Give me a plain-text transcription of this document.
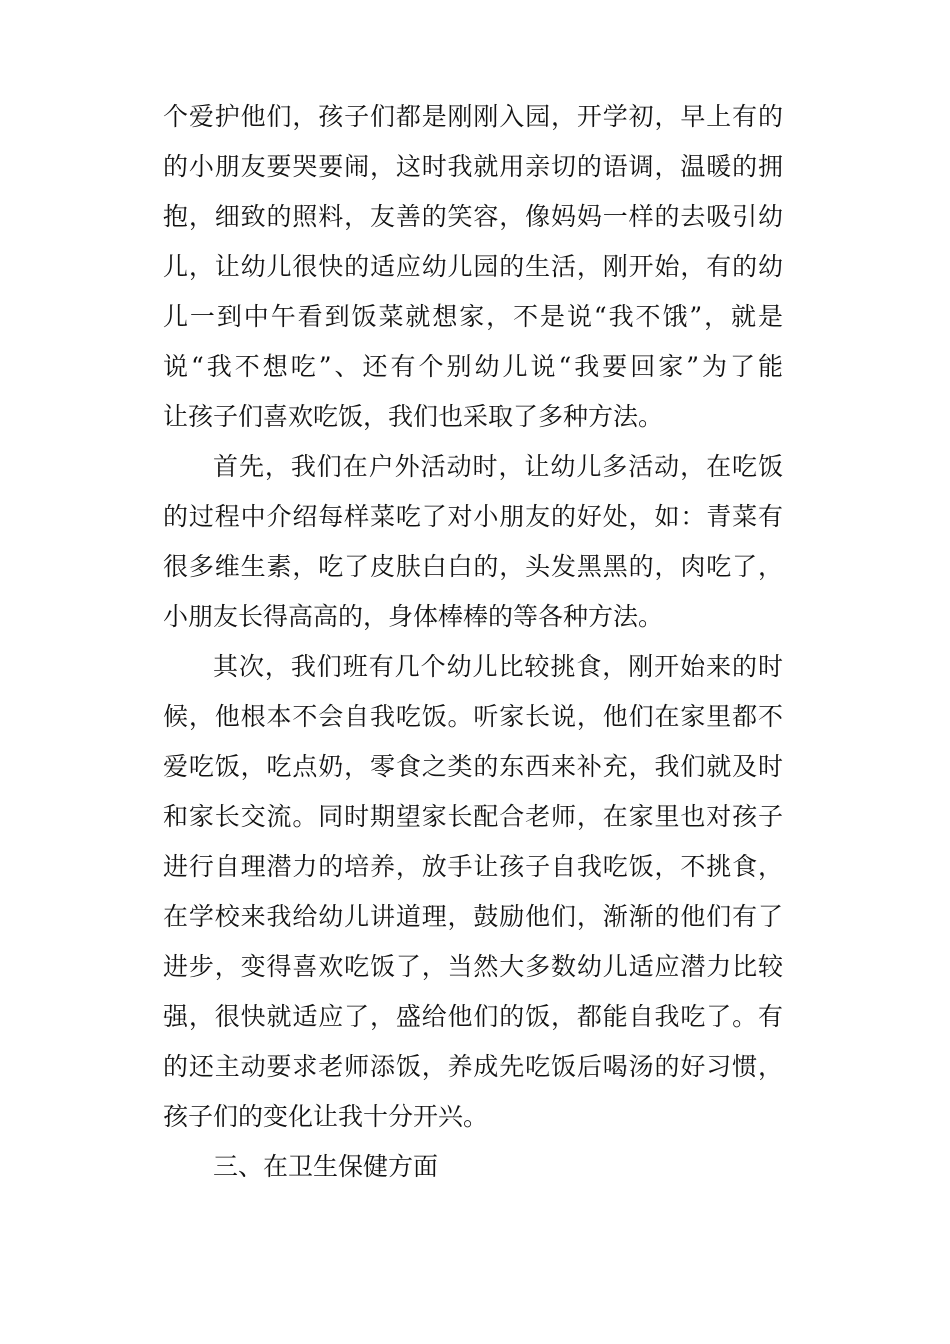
个爱护他们，孩子们都是刚刚入园，开学初，早上有的
的小朋友要哭要闹，这时我就用亲切的语调，温暖的拥
抱，细致的照料，友善的笑容，像妈妈一样的去吸引幼
儿，让幼儿很快的适应幼儿园的生活，刚开始，有的幼
儿一到中午看到饭菜就想家，不是说“我不饿”，就是
说“我不想吃”、还有个别幼儿说“我要回家”为了能
让孩子们喜欢吃饭，我们也采取了多种方法。
首先，我们在户外活动时，让幼儿多活动，在吃饭
的过程中介绍每样菜吃了对小朋友的好处，如：青菜有
很多维生素，吃了皮肤白白的，头发黑黑的，肉吃了，
小朋友长得高高的，身体棒棒的等各种方法。
其次，我们班有几个幼儿比较挑食，刚开始来的时
候，他根本不会自我吃饭。听家长说，他们在家里都不
爱吃饭，吃点奶，零食之类的东西来补充，我们就及时
和家长交流。同时期望家长配合老师，在家里也对孩子
进行自理潜力的培养，放手让孩子自我吃饭，不挑食，
在学校来我给幼儿讲道理，鼓励他们，渐渐的他们有了
进步，变得喜欢吃饭了，当然大多数幼儿适应潜力比较
强，很快就适应了，盛给他们的饭，都能自我吃了。有
的还主动要求老师添饭，养成先吃饭后喝汤的好习惯，
孩子们的变化让我十分开兴。
三、在卫生保健方面
